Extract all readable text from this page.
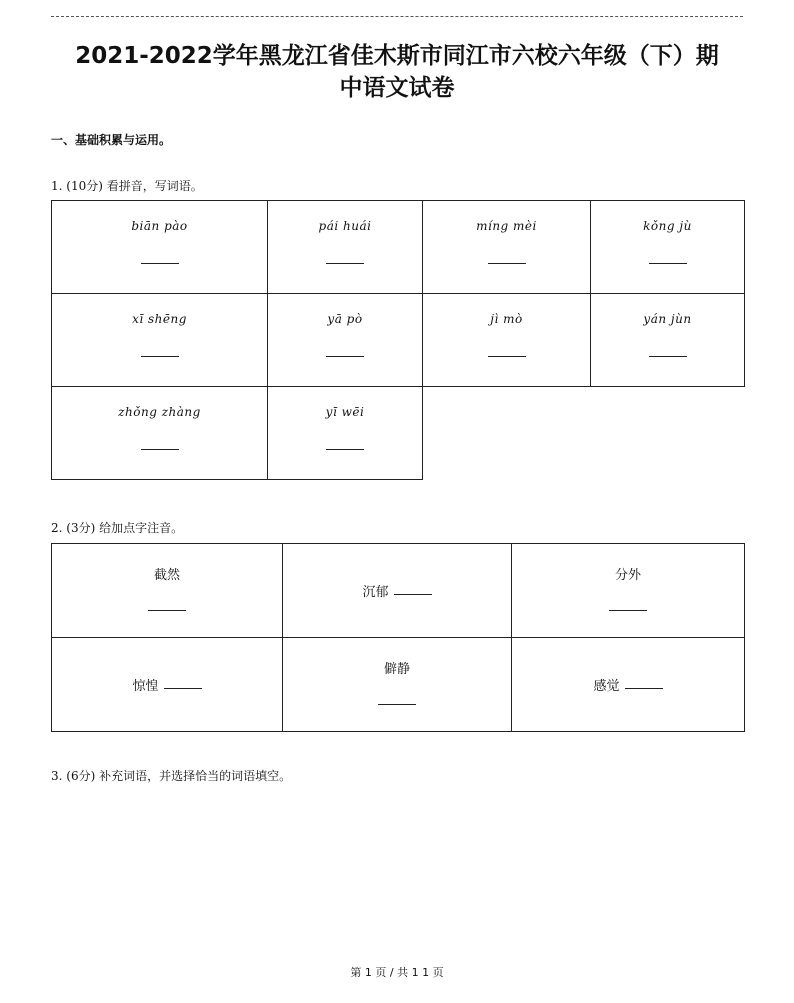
2021-2022学年黑龙江省佳木斯市同江市六校六年级（下）期
中语文试卷
一、基础积累与运用。
1. (10分) 看拼音，写词语。
biān pào	pái huái	míng mèi	kǒng jù

xī shēng	yā pò	jì mò	yán jùn

zhǒng zhàng	yī wēi		

2. (3分) 给加点字注音。
截然	沉郁	分外

惊惶	僻静	感觉
3. (6分) 补充词语，并选择恰当的词语填空。
第 1 页 / 共 1 1 页
